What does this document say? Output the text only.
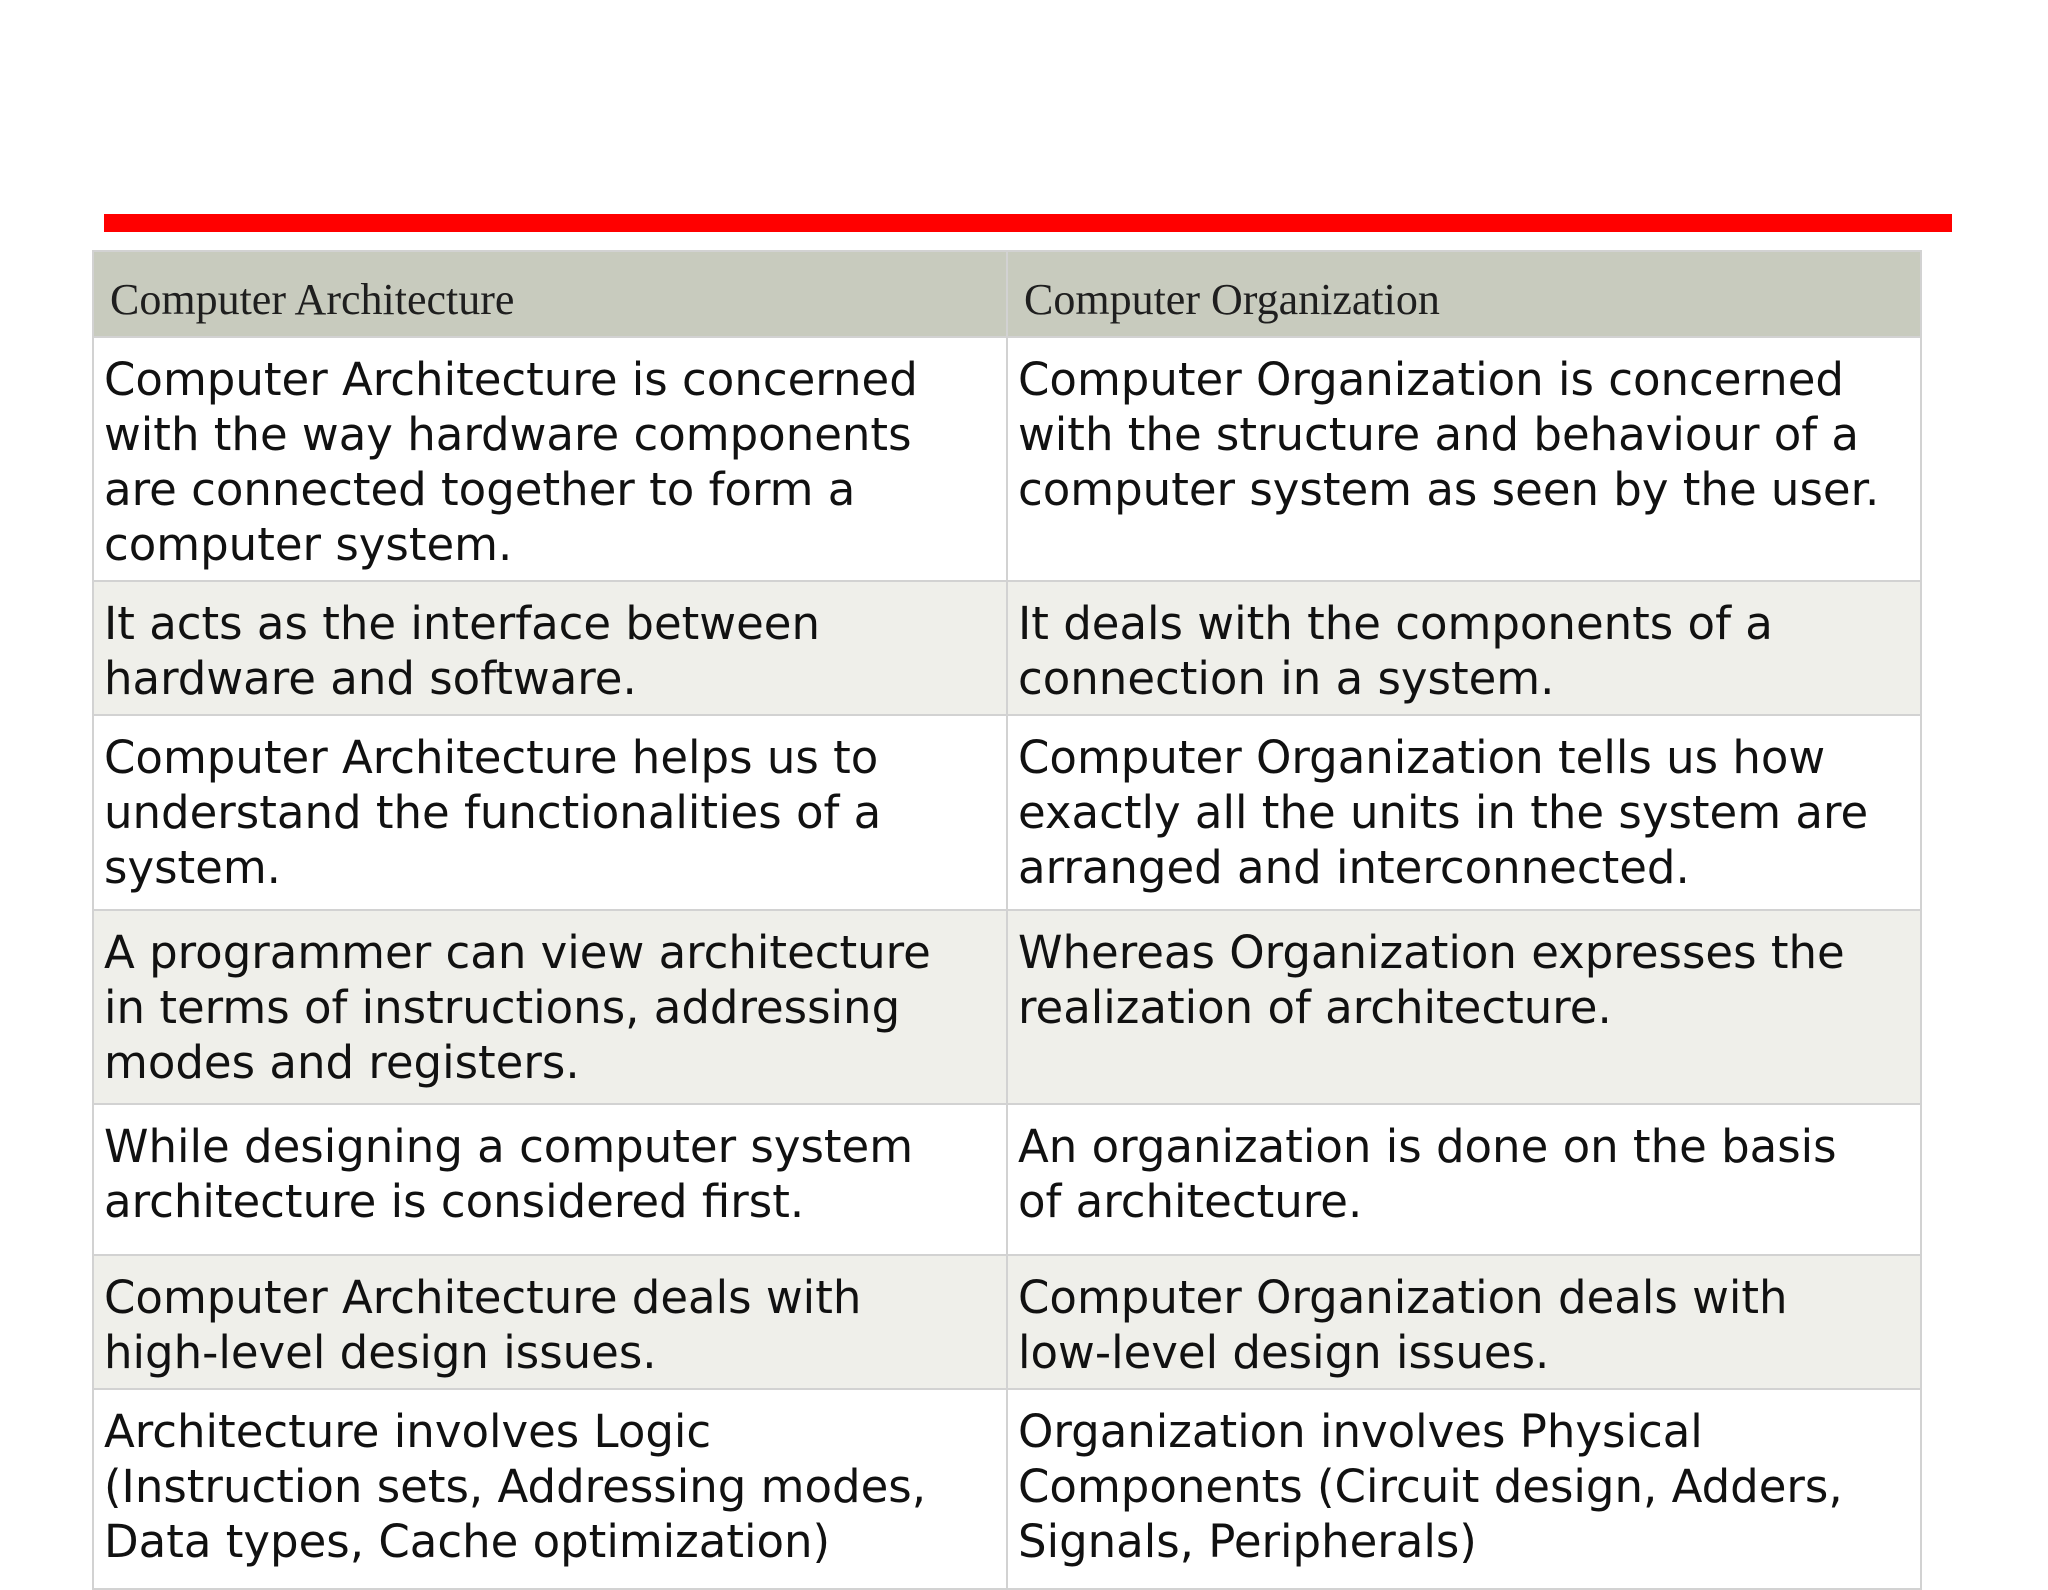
Computer Architecture	Computer Organization

Computer Architecture is concerned
with the way hardware components
are connected together to form a
computer system.	Computer Organization is concerned
with the structure and behaviour of a
computer system as seen by the user.

It acts as the interface between
hardware and software.	It deals with the components of a
connection in a system.

Computer Architecture helps us to
understand the functionalities of a
system.	Computer Organization tells us how
exactly all the units in the system are
arranged and interconnected.

A programmer can view architecture
in terms of instructions, addressing
modes and registers.	Whereas Organization expresses the
realization of architecture.

While designing a computer system
architecture is considered first.	An organization is done on the basis
of architecture.

Computer Architecture deals with
high-level design issues.	Computer Organization deals with
low-level design issues.

Architecture involves Logic
(Instruction sets, Addressing modes,
Data types, Cache optimization)	Organization involves Physical
Components (Circuit design, Adders,
Signals, Peripherals)
